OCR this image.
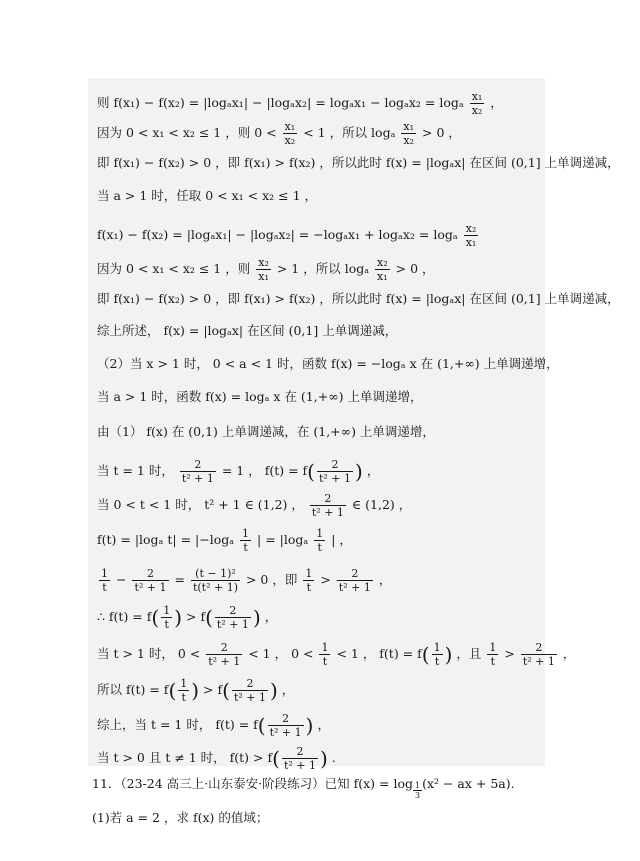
则 f(x₁) − f(x₂) = |logₐx₁| − |logₐx₂| = logₐx₁ − logₐx₂ = logₐ $\frac{\text{x₁}}{\text{x₂}}$ ，
因为 0 < x₁ < x₂ ≤ 1 ，则 $0 < \frac{\text{x₁}}{\text{x₂}} < 1$ ，所以 logₐ $\frac{\text{x₁}}{\text{x₂}} > 0$ ，
即 f(x₁) − f(x₂) > 0 ，即 f(x₁) > f(x₂) ，所以此时 f(x) = |logₐx| 在区间 (0,1] 上单调递减，
当 a > 1 时，任取 0 < x₁ < x₂ ≤ 1 ，
f(x₁) − f(x₂) = |logₐx₁| − |logₐx₂| = −logₐx₁ + logₐx₂ = logₐ $\frac{\text{x₂}}{\text{x₁}}$
因为 0 < x₁ < x₂ ≤ 1 ，则 $\frac{\text{x₂}}{\text{x₁}} > 1$ ，所以 logₐ $\frac{\text{x₂}}{\text{x₁}} > 0$ ，
即 f(x₁) − f(x₂) > 0 ，即 f(x₁) > f(x₂) ，所以此时 f(x) = |logₐx| 在区间 (0,1] 上单调递减，
综上所述， f(x) = |logₐx| 在区间 (0,1] 上单调递减，
（2）当 x > 1 时， 0 < a < 1 时，函数 f(x) = −logₐ x 在 (1,+∞) 上单调递增，
当 a > 1 时，函数 f(x) = logₐ x 在 (1,+∞) 上单调递增，
由（1） f(x) 在 (0,1) 上单调递减，在 (1,+∞) 上单调递增，
当 t = 1 时， $\frac{2}{\text{t² + 1}} = 1$ ， $f(t) = f( \frac{2}{\text{t² + 1}}$ ) ，
当 0 < t < 1 时， t² + 1 ∈ (1,2) ， $\frac{2}{\text{t² + 1}}$ ∈ (1,2) ，
f(t) = |logₐ $t| = |-\log_a \frac{1}{t}$ | = $|\log_a \frac{1}{t}$ | ，
$\frac{1}{t} - \frac{2}{\text{t² + 1}} = \frac{\text{(t − 1)²}}{\text{t(t² + 1)}} > 0$ ，即 $\frac{1}{t} > \frac{2}{\text{t² + 1}}$ ，
∴ $f(t) = f( \frac{1}{t}$ ) > $f( \frac{2}{\text{t² + 1}}$ ) ，
当 t > 1 时， $0 < \frac{2}{\text{t² + 1}} < 1$ ， $0 < \frac{1}{t} < 1$ ， $f(t) = f( \frac{1}{t}$ ) ，且 $\frac{1}{t} > \frac{2}{\text{t² + 1}}$ ，
所以 $f(t) = f( \frac{1}{t}$ ) > $f( \frac{2}{\text{t² + 1}}$ ) ，
综上，当 t = 1 时， $f(t) = f( \frac{2}{\text{t² + 1}}$ ) ，
当 t > 0 且 t ≠ 1 时， $f(t) > f( \frac{2}{\text{t² + 1}}$ ) .
11．（23-24 高三上·山东泰安·阶段练习）已知 $f(x) = \log \frac{1}{3} (x^2$ − ax + 5a).
(1)若 a = 2 ，求 f(x) 的值域；
